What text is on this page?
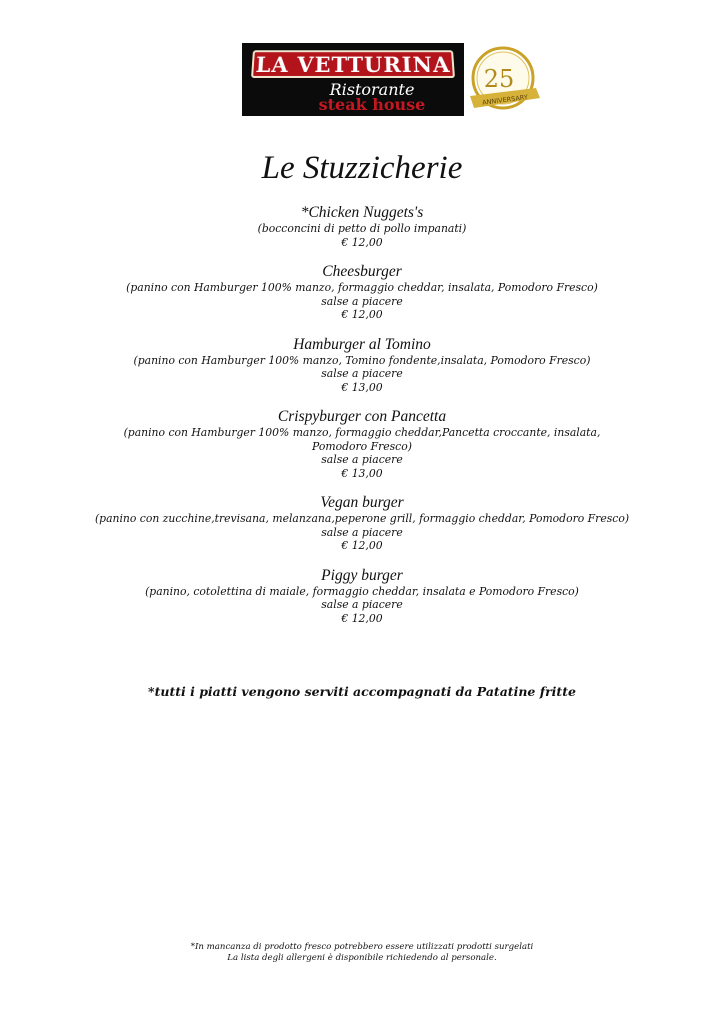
LA VETTURINA
Ristorante
steak house
25
ANNIVERSARY
Le Stuzzicherie
*Chicken Nuggets's
(bocconcini di petto di pollo impanati)
€ 12,00
Cheesburger
(panino con Hamburger 100% manzo, formaggio cheddar, insalata, Pomodoro Fresco)
salse a piacere
€ 12,00
Hamburger al Tomino
(panino con Hamburger 100% manzo, Tomino fondente,insalata, Pomodoro Fresco)
salse a piacere
€ 13,00
Crispyburger con Pancetta
(panino con Hamburger 100% manzo, formaggio cheddar,Pancetta croccante, insalata,
Pomodoro Fresco)
salse a piacere
€ 13,00
Vegan burger
(panino con zucchine,trevisana, melanzana,peperone grill, formaggio cheddar, Pomodoro Fresco)
salse a piacere
€ 12,00
Piggy burger
(panino, cotolettina di maiale, formaggio cheddar, insalata e Pomodoro Fresco)
salse a piacere
€ 12,00
*tutti i piatti vengono serviti accompagnati da Patatine fritte
*In mancanza di prodotto fresco potrebbero essere utilizzati prodotti surgelati
La lista degli allergeni è disponibile richiedendo al personale.
